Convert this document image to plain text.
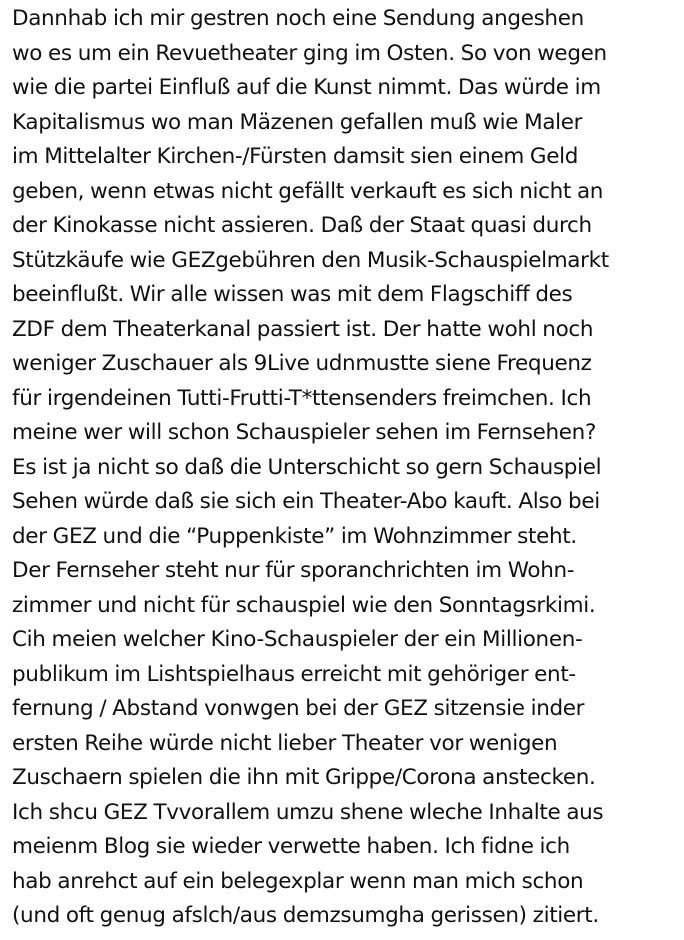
Dannhab ich mir gestren noch eine Sendung angeshen
wo es um ein Revuetheater ging im Osten. So von wegen
wie die partei Einfluß auf die Kunst nimmt. Das würde im
Kapitalismus wo man Mäzenen gefallen muß wie Maler
im Mittelalter Kirchen-/Fürsten damsit sien einem Geld
geben, wenn etwas nicht gefällt verkauft es sich nicht an
der Kinokasse nicht assieren. Daß der Staat quasi durch
Stützkäufe wie GEZgebühren den Musik-Schauspielmarkt
beeinflußt. Wir alle wissen was mit dem Flagschiff des
ZDF dem Theaterkanal passiert ist. Der hatte wohl noch
weniger Zuschauer als 9Live udnmustte siene Frequenz
für irgendeinen Tutti-Frutti-T*ttensenders freimchen. Ich
meine wer will schon Schauspieler sehen im Fernsehen?
Es ist ja nicht so daß die Unterschicht so gern Schauspiel
Sehen würde daß sie sich ein Theater-Abo kauft. Also bei
der GEZ und die “Puppenkiste” im Wohnzimmer steht.
Der Fernseher steht nur für sporanchrichten im Wohn-
zimmer und nicht für schauspiel wie den Sonntagsrkimi.
Cih meien welcher Kino-Schauspieler der ein Millionen-
publikum im Lishtspielhaus erreicht mit gehöriger ent-
fernung / Abstand vonwgen bei der GEZ sitzensie inder
ersten Reihe würde nicht lieber Theater vor wenigen
Zuschaern spielen die ihn mit Grippe/Corona anstecken.
Ich shcu GEZ Tvvorallem umzu shene wleche Inhalte aus
meienm Blog sie wieder verwette haben. Ich fidne ich
hab anrehct auf ein belegexplar wenn man mich schon
(und oft genug afslch/aus demzsumgha gerissen) zitiert.
